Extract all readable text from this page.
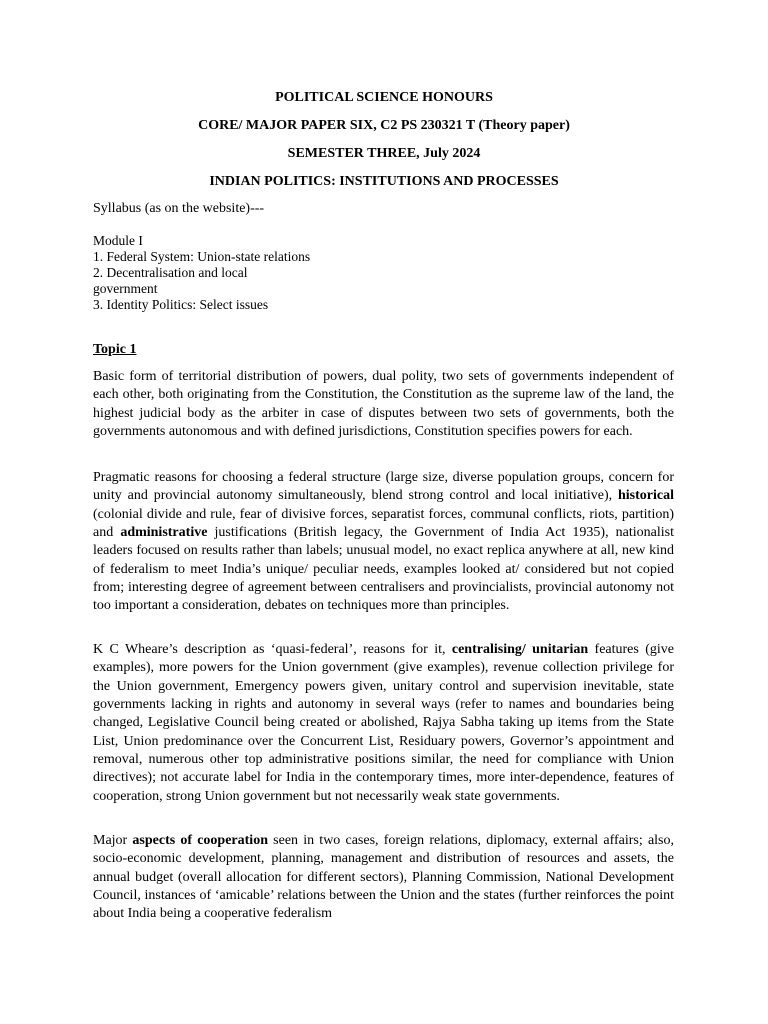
POLITICAL SCIENCE HONOURS

CORE/ MAJOR PAPER SIX, C2 PS 230321 T (Theory paper)

SEMESTER THREE, July 2024

INDIAN POLITICS: INSTITUTIONS AND PROCESSES

Syllabus (as on the website)---

Module I
1. Federal System: Union-state relations
2. Decentralisation and local
government
3. Identity Politics: Select issues

Topic 1

Basic form of territorial distribution of powers, dual polity, two sets of governments independent of each other, both originating from the Constitution, the Constitution as the supreme law of the land, the highest judicial body as the arbiter in case of disputes between two sets of governments, both the governments autonomous and with defined jurisdictions, Constitution specifies powers for each.

Pragmatic reasons for choosing a federal structure (large size, diverse population groups, concern for unity and provincial autonomy simultaneously, blend strong control and local initiative), historical (colonial divide and rule, fear of divisive forces, separatist forces, communal conflicts, riots, partition) and administrative justifications (British legacy, the Government of India Act 1935), nationalist leaders focused on results rather than labels; unusual model, no exact replica anywhere at all, new kind of federalism to meet India’s unique/ peculiar needs, examples looked at/ considered but not copied from; interesting degree of agreement between centralisers and provincialists, provincial autonomy not too important a consideration, debates on techniques more than principles.

K C Wheare’s description as ‘quasi-federal’, reasons for it, centralising/ unitarian features (give examples), more powers for the Union government (give examples), revenue collection privilege for the Union government, Emergency powers given, unitary control and supervision inevitable, state governments lacking in rights and autonomy in several ways (refer to names and boundaries being changed, Legislative Council being created or abolished, Rajya Sabha taking up items from the State List, Union predominance over the Concurrent List, Residuary powers, Governor’s appointment and removal, numerous other top administrative positions similar, the need for compliance with Union directives); not accurate label for India in the contemporary times, more inter-dependence, features of cooperation, strong Union government but not necessarily weak state governments.

Major aspects of cooperation seen in two cases, foreign relations, diplomacy, external affairs; also, socio-economic development, planning, management and distribution of resources and assets, the annual budget (overall allocation for different sectors), Planning Commission, National Development Council, instances of ‘amicable’ relations between the Union and the states (further reinforces the point about India being a cooperative federalism
